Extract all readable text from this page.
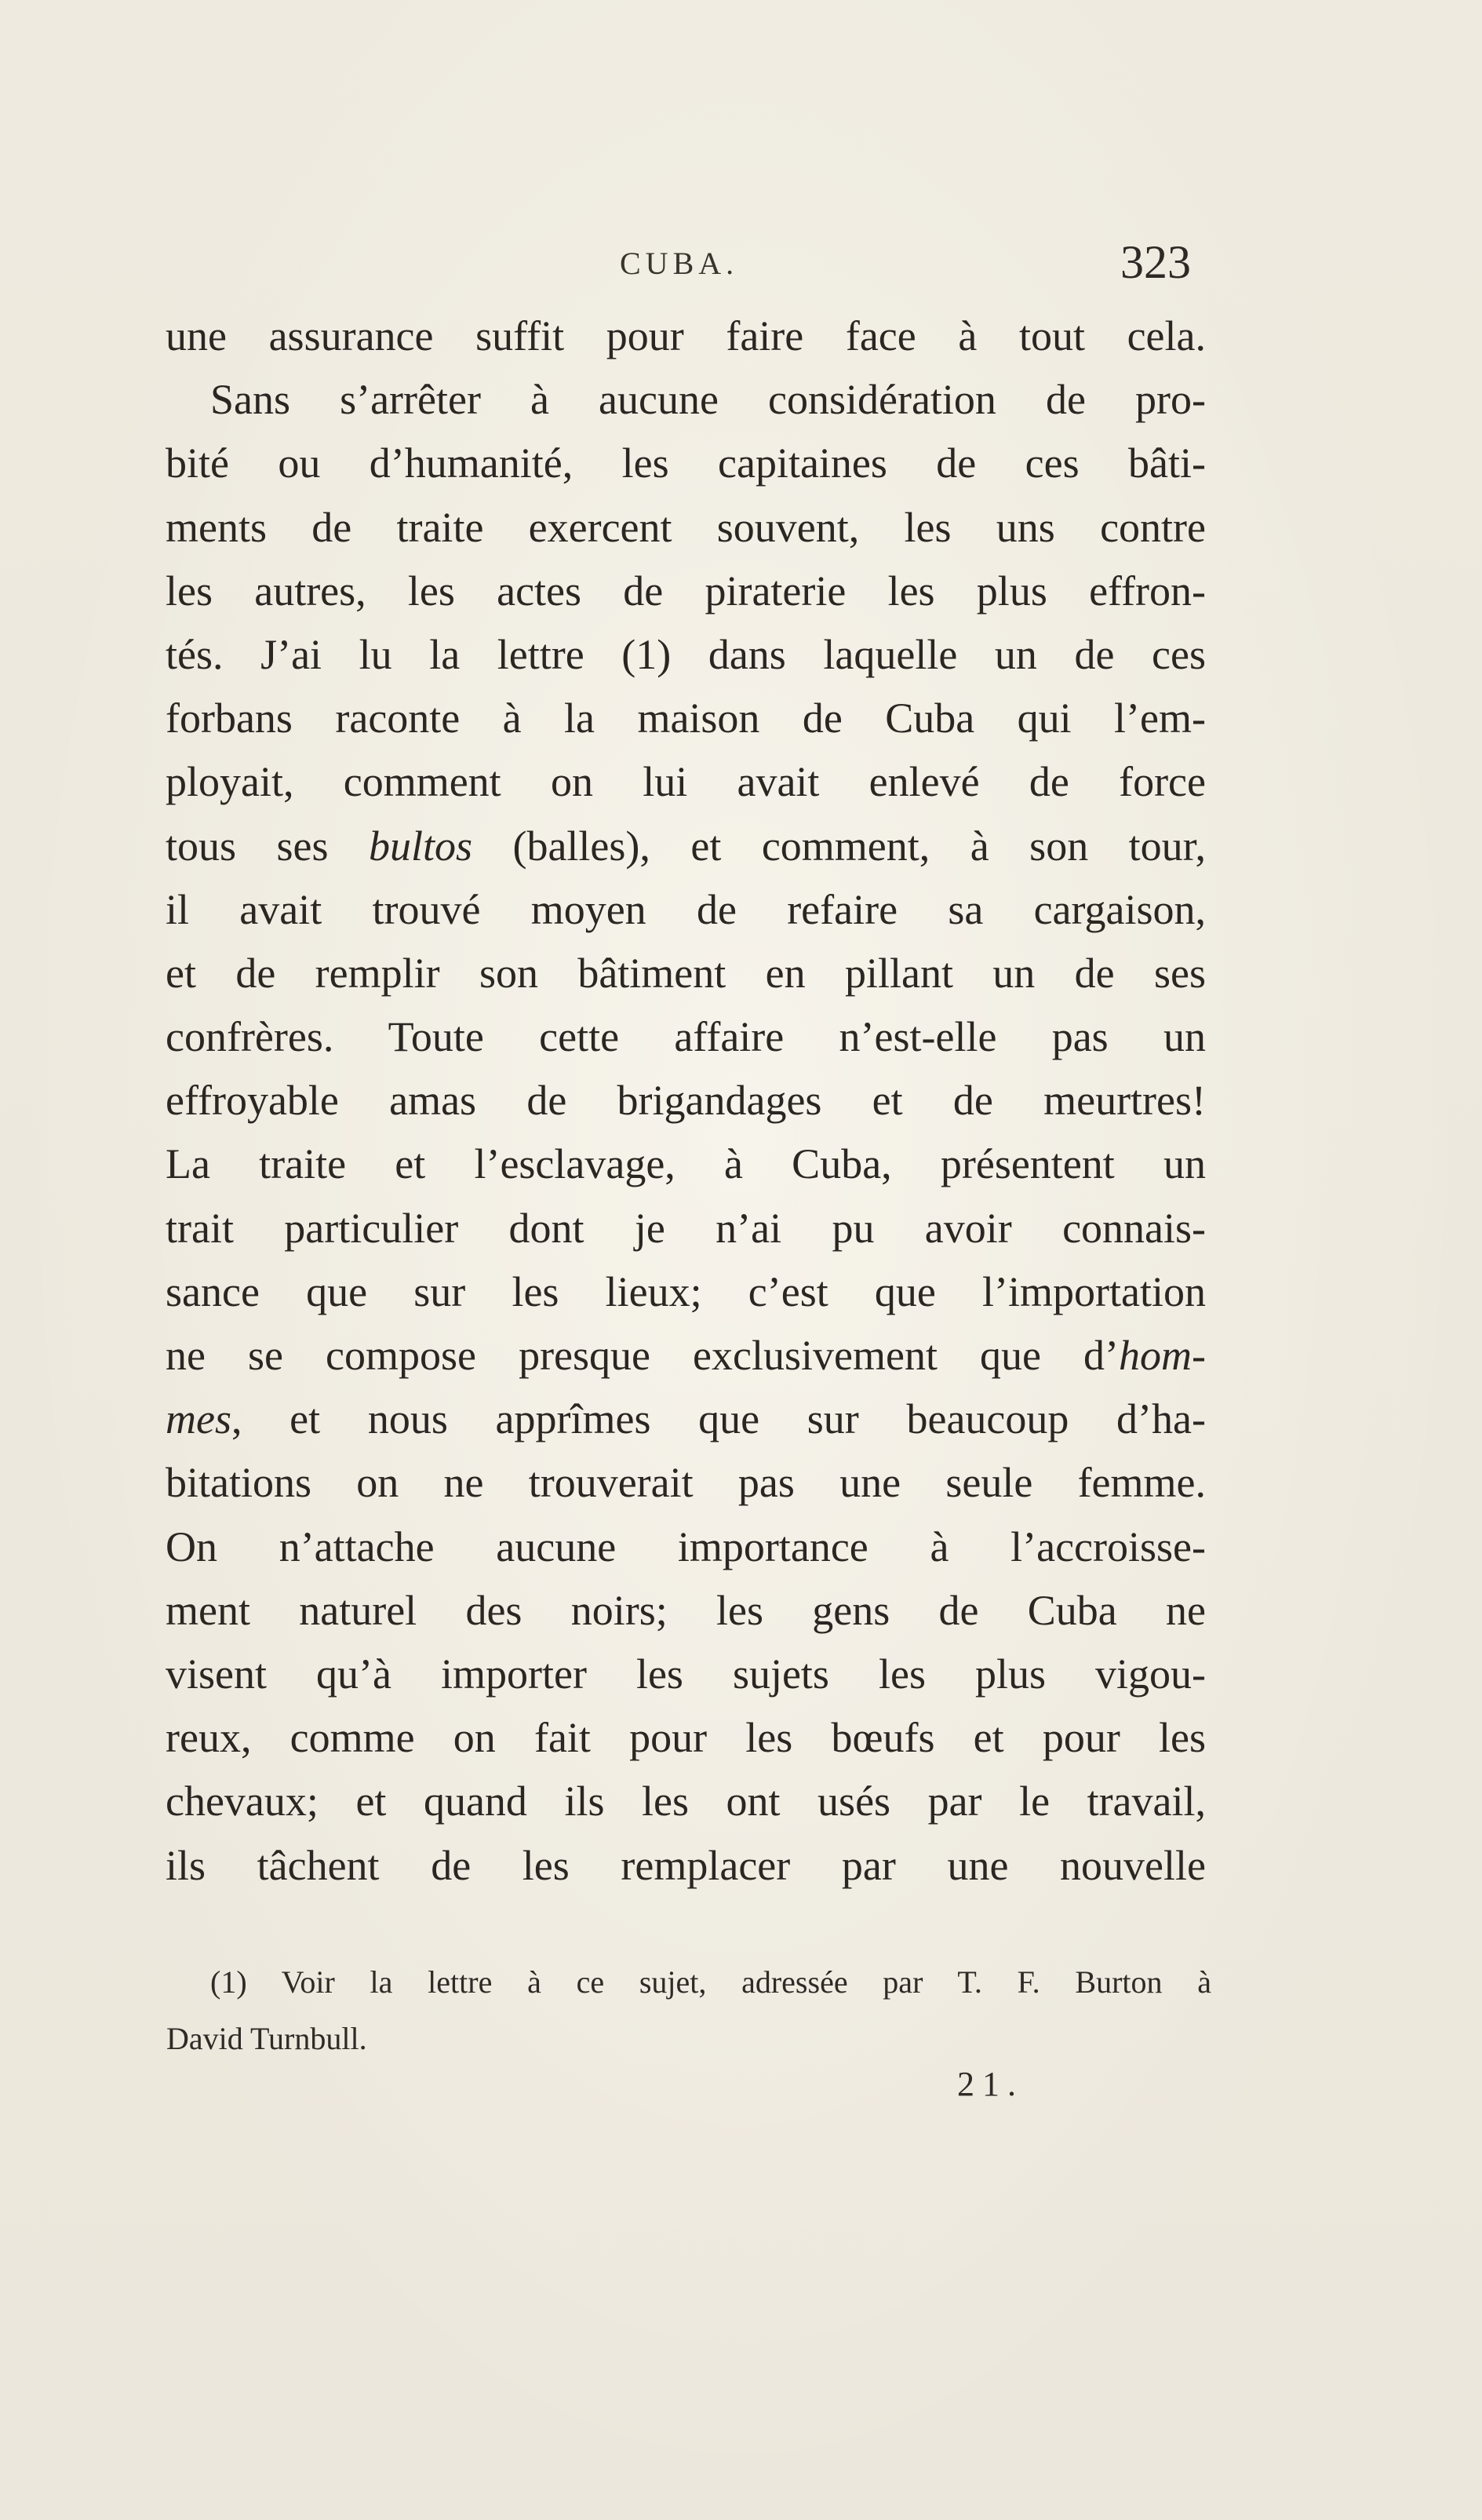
CUBA.	323
une assurance suffit pour faire face à tout cela.
Sans s’arrêter à aucune considération de pro-
bité ou d’humanité, les capitaines de ces bâti-
ments de traite exercent souvent, les uns contre
les autres, les actes de piraterie les plus effron-
tés. J’ai lu la lettre (1) dans laquelle un de ces
forbans raconte à la maison de Cuba qui l’em-
ployait, comment on lui avait enlevé de force
tous ses bultos (balles), et comment, à son tour,
il avait trouvé moyen de refaire sa cargaison,
et de remplir son bâtiment en pillant un de ses
confrères. Toute cette affaire n’est-elle pas un
effroyable amas de brigandages et de meurtres!
La traite et l’esclavage, à Cuba, présentent un
trait particulier dont je n’ai pu avoir connais-
sance que sur les lieux; c’est que l’importation
ne se compose presque exclusivement que d’hom-
mes, et nous apprîmes que sur beaucoup d’ha-
bitations on ne trouverait pas une seule femme.
On n’attache aucune importance à l’accroisse-
ment naturel des noirs; les gens de Cuba ne
visent qu’à importer les sujets les plus vigou-
reux, comme on fait pour les bœufs et pour les
chevaux; et quand ils les ont usés par le travail,
ils tâchent de les remplacer par une nouvelle
(1) Voir la lettre à ce sujet, adressée par T. F. Burton à
David Turnbull.
21.
